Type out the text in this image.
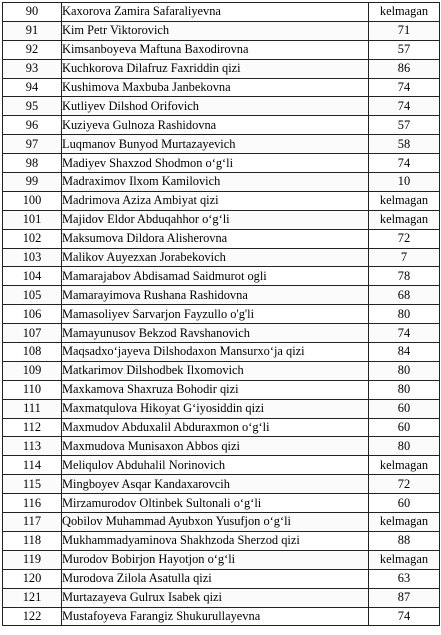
90	Kaxorova Zamira Safaraliyevna	kelmagan
91	Kim Petr Viktorovich	71
92	Kimsanboyeva Maftuna Baxodirovna	57
93	Kuchkorova Dilafruz Faxriddin qizi	86
94	Kushimova Maxbuba Janbekovna	74
95	Kutliyev Dilshod Orifovich	74
96	Kuziyeva Gulnoza Rashidovna	57
97	Luqmanov Bunyod Murtazayevich	58
98	Madiyev Shaxzod Shodmon o‘g‘li	74
99	Madraximov Ilxom Kamilovich	10
100	Madrimova Aziza Ambiyat qizi	kelmagan
101	Majidov Eldor Abduqahhor o‘g‘li	kelmagan
102	Maksumova Dildora Alisherovna	72
103	Malikov Auyezxan Jorabekovich	7
104	Mamarajabov Abdisamad Saidmurot ogli	78
105	Mamarayimova Rushana Rashidovna	68
106	Mamasoliyev Sarvarjon Fayzullo o'g'li	80
107	Mamayunusov Bekzod Ravshanovich	74
108	Maqsadxo‘jayeva Dilshodaxon Mansurxo‘ja qizi	84
109	Matkarimov Dilshodbek Ilxomovich	80
110	Maxkamova Shaxruza Bohodir qizi	80
111	Maxmatqulova Hikoyat G‘iyosiddin qizi	60
112	Maxmudov Abduxalil Abduraxmon o‘g‘li	60
113	Maxmudova Munisaxon Abbos qizi	80
114	Meliqulov Abduhalil Norinovich	kelmagan
115	Mingboyev Asqar Kandaxarovcih	72
116	Mirzamurodov Oltinbek Sultonali o‘g‘li	60
117	Qobilov Muhammad Ayubxon Yusufjon o‘g‘li	kelmagan
118	Mukhammadyaminova Shakhzoda Sherzod qizi	88
119	Murodov Bobirjon Hayotjon o‘g‘li	kelmagan
120	Murodova Zilola Asatulla qizi	63
121	Murtazayeva Gulrux Isabek qizi	87
122	Mustafoyeva Farangiz Shukurullayevna	74
